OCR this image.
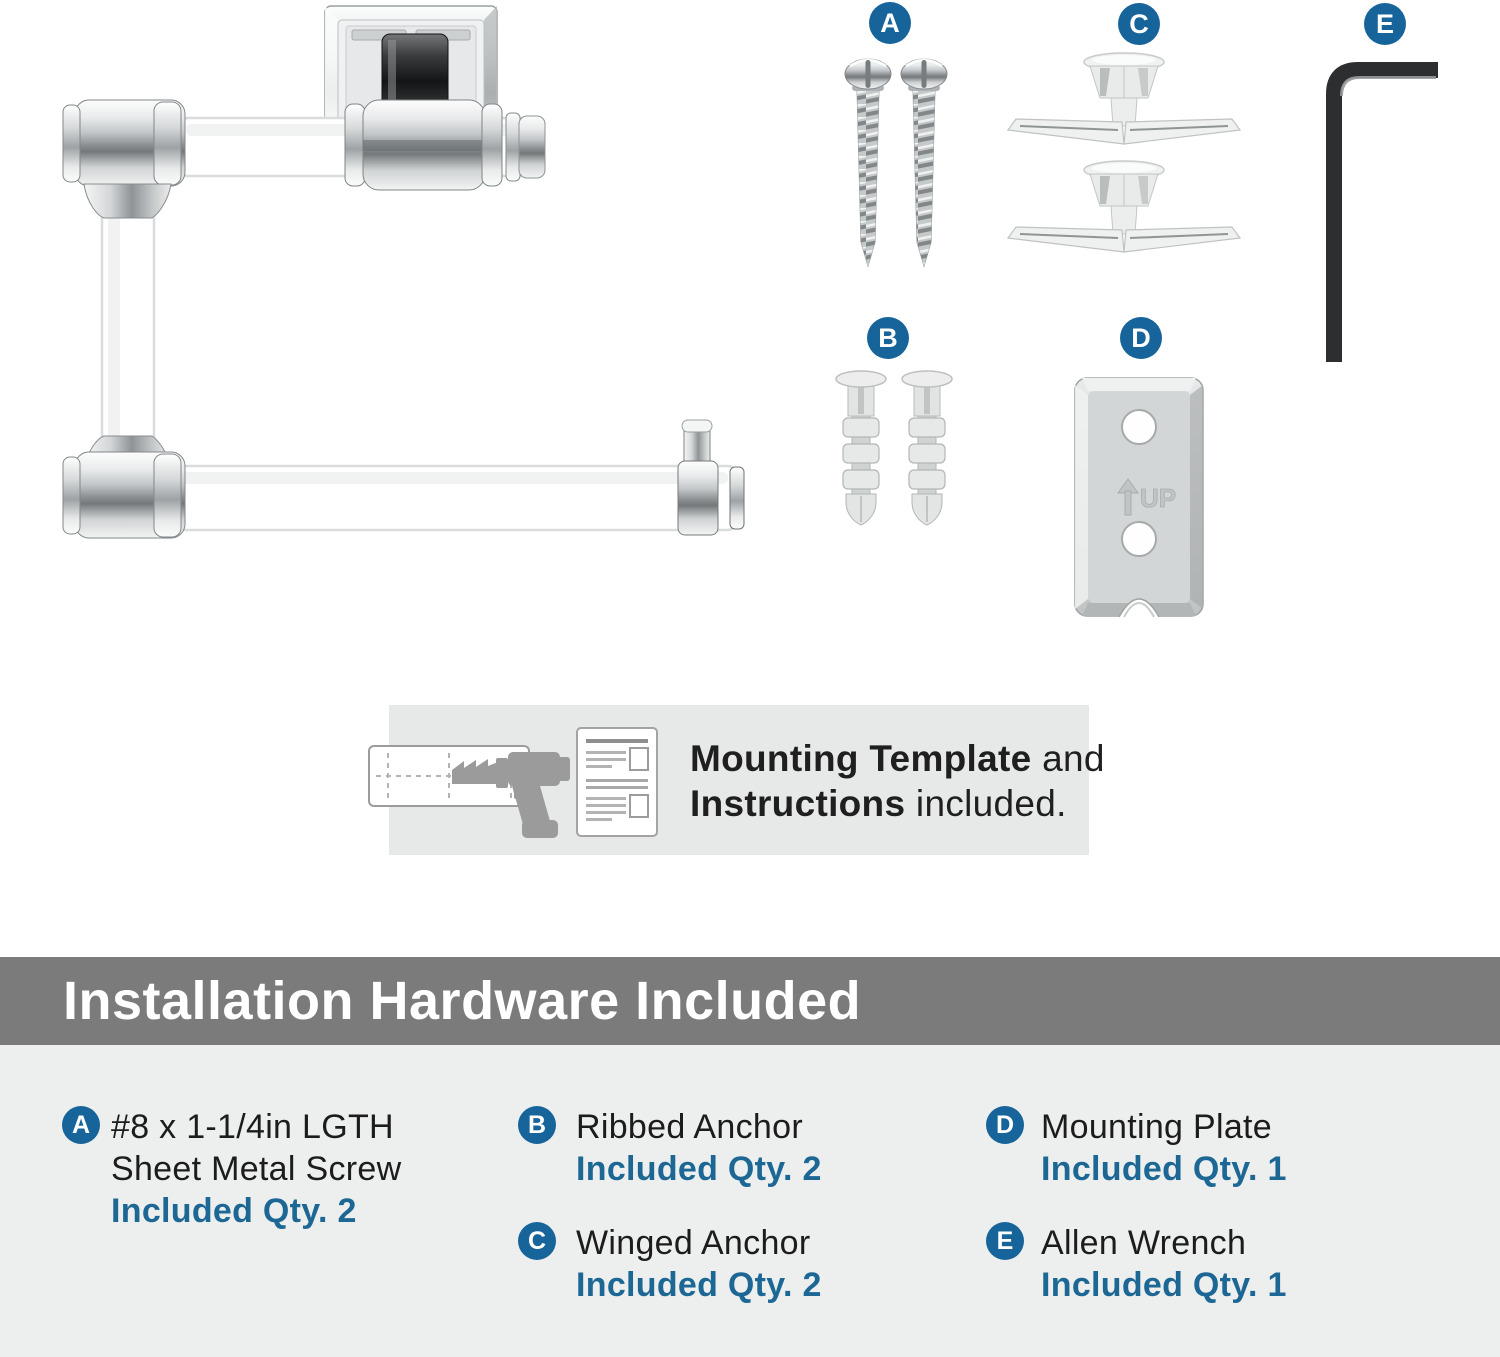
A	C	E
B	D
UP
Mounting Template and
Instructions included.
Installation Hardware Included
A #8 x 1-1/4in LGTH
Sheet Metal Screw
Included Qty. 2
B Ribbed Anchor
Included Qty. 2
C Winged Anchor
Included Qty. 2
D Mounting Plate
Included Qty. 1
E Allen Wrench
Included Qty. 1
